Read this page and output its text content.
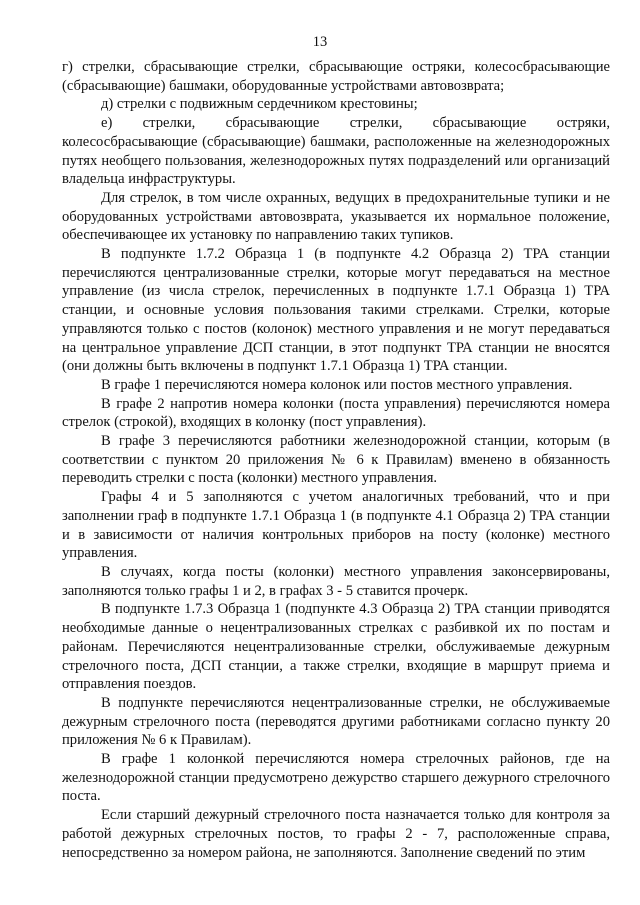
13

г) стрелки, сбрасывающие стрелки, сбрасывающие остряки, колесосбрасывающие (сбрасывающие) башмаки, оборудованные устройствами автовозврата;

д) стрелки с подвижным сердечником крестовины;

е) стрелки, сбрасывающие стрелки, сбрасывающие остряки, колесосбрасывающие (сбрасывающие) башмаки, расположенные на железнодорожных путях необщего пользования, железнодорожных путях подразделений или организаций владельца инфраструктуры.

Для стрелок, в том числе охранных, ведущих в предохранительные тупики и не оборудованных устройствами автовозврата, указывается их нормальное положение, обеспечивающее их установку по направлению таких тупиков.

В подпункте 1.7.2 Образца 1 (в подпункте 4.2 Образца 2) ТРА станции перечисляются централизованные стрелки, которые могут передаваться на местное управление (из числа стрелок, перечисленных в подпункте 1.7.1 Образца 1) ТРА станции, и основные условия пользования такими стрелками. Стрелки, которые управляются только с постов (колонок) местного управления и не могут передаваться на центральное управление ДСП станции, в этот подпункт ТРА станции не вносятся (они должны быть включены в подпункт 1.7.1 Образца 1) ТРА станции.

В графе 1 перечисляются номера колонок или постов местного управления.

В графе 2 напротив номера колонки (поста управления) перечисляются номера стрелок (строкой), входящих в колонку (пост управления).

В графе 3 перечисляются работники железнодорожной станции, которым (в соответствии с пунктом 20 приложения № 6 к Правилам) вменено в обязанность переводить стрелки с поста (колонки) местного управления.

Графы 4 и 5 заполняются с учетом аналогичных требований, что и при заполнении граф в подпункте 1.7.1 Образца 1 (в подпункте 4.1 Образца 2) ТРА станции и в зависимости от наличия контрольных приборов на посту (колонке) местного управления.

В случаях, когда посты (колонки) местного управления законсервированы, заполняются только графы 1 и 2, в графах 3 - 5 ставится прочерк.

В подпункте 1.7.3 Образца 1 (подпункте 4.3 Образца 2) ТРА станции приводятся необходимые данные о нецентрализованных стрелках с разбивкой их по постам и районам. Перечисляются нецентрализованные стрелки, обслуживаемые дежурным стрелочного поста, ДСП станции, а также стрелки, входящие в маршрут приема и отправления поездов.

В подпункте перечисляются нецентрализованные стрелки, не обслуживаемые дежурным стрелочного поста (переводятся другими работниками согласно пункту 20 приложения № 6 к Правилам).

В графе 1 колонкой перечисляются номера стрелочных районов, где на железнодорожной станции предусмотрено дежурство старшего дежурного стрелочного поста.

Если старший дежурный стрелочного поста назначается только для контроля за работой дежурных стрелочных постов, то графы 2 - 7, расположенные справа, непосредственно за номером района, не заполняются. Заполнение сведений по этим
